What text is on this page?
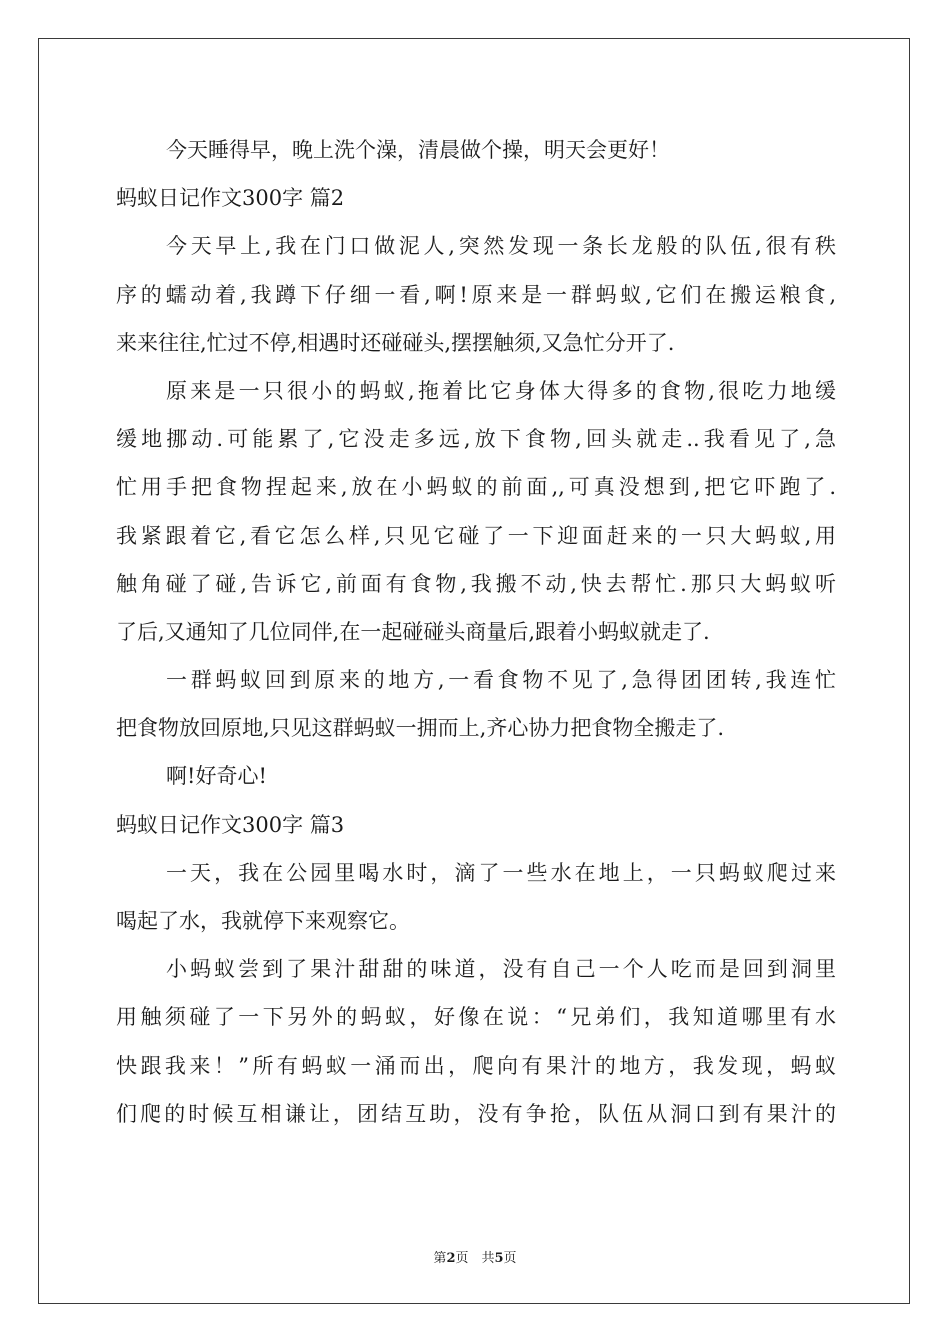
今天睡得早，晚上洗个澡，清晨做个操，明天会更好！
蚂蚁日记作文300字 篇2
今天早上,我在门口做泥人,突然发现一条长龙般的队伍,很有秩
序的蠕动着,我蹲下仔细一看,啊!原来是一群蚂蚁,它们在搬运粮食,
来来往往,忙过不停,相遇时还碰碰头,摆摆触须,又急忙分开了.
原来是一只很小的蚂蚁,拖着比它身体大得多的食物,很吃力地缓
缓地挪动.可能累了,它没走多远,放下食物,回头就走..我看见了,急
忙用手把食物捏起来,放在小蚂蚁的前面,,可真没想到,把它吓跑了.
我紧跟着它,看它怎么样,只见它碰了一下迎面赶来的一只大蚂蚁,用
触角碰了碰,告诉它,前面有食物,我搬不动,快去帮忙.那只大蚂蚁听
了后,又通知了几位同伴,在一起碰碰头商量后,跟着小蚂蚁就走了.
一群蚂蚁回到原来的地方,一看食物不见了,急得团团转,我连忙
把食物放回原地,只见这群蚂蚁一拥而上,齐心协力把食物全搬走了.
啊!好奇心!
蚂蚁日记作文300字 篇3
一天，我在公园里喝水时，滴了一些水在地上，一只蚂蚁爬过来
喝起了水，我就停下来观察它。
小蚂蚁尝到了果汁甜甜的味道，没有自己一个人吃而是回到洞里
用触须碰了一下另外的蚂蚁，好像在说：“兄弟们，我知道哪里有水
快跟我来！”所有蚂蚁一涌而出，爬向有果汁的地方，我发现，蚂蚁
们爬的时候互相谦让，团结互助，没有争抢，队伍从洞口到有果汁的
第2页　共5页
